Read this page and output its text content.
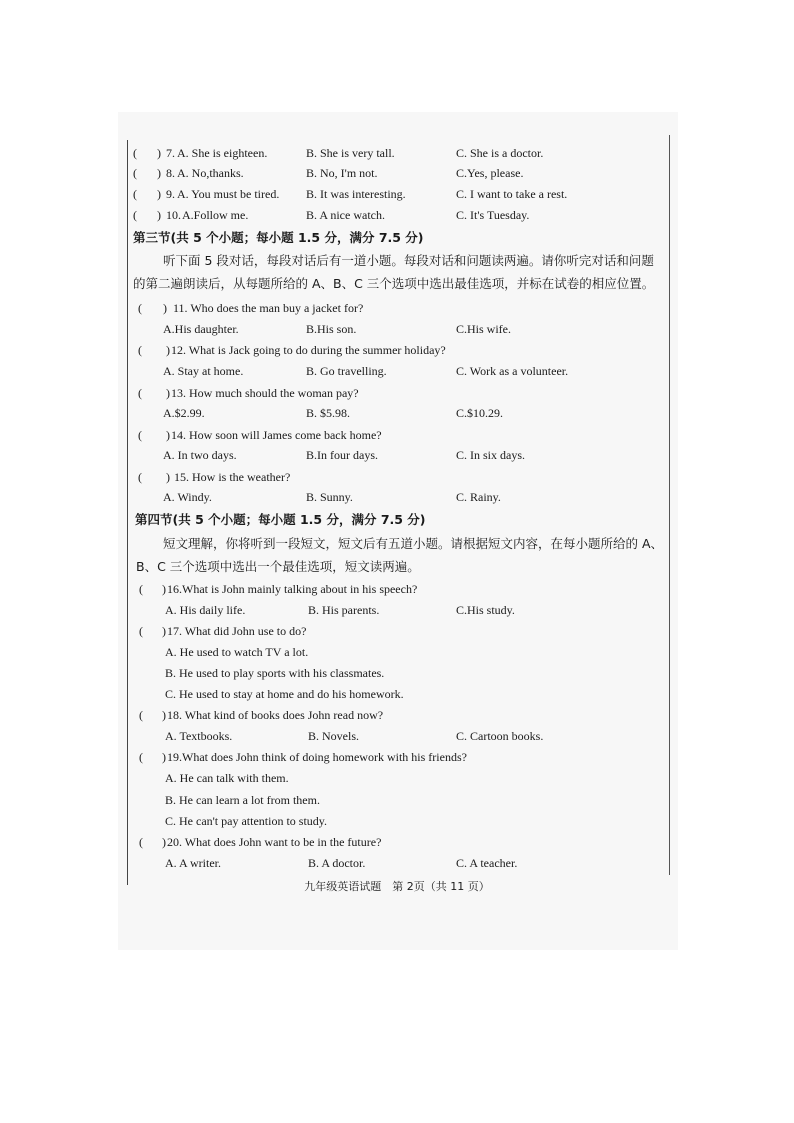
( ) 7. A. She is eighteen.	B. She is very tall.	C. She is a doctor.
( ) 8. A. No,thanks.	B. No, I'm not.	C.Yes, please.
( ) 9. A. You must be tired. B. It was interesting.	C. I want to take a rest.
( ) 10. A.Follow me.	B. A nice watch.	C. It's Tuesday.
第三节(共 5 个小题；每小题 1.5 分，满分 7.5 分)
听下面 5 段对话，每段对话后有一道小题。每段对话和问题读两遍。请你听完对话和问题
的第二遍朗读后，从每题所给的 A、B、C 三个选项中选出最佳选项，并标在试卷的相应位置。
( ) 11. Who does the man buy a jacket for?
A.His daughter.	B.His son.	C.His wife.
( ) 12. What is Jack going to do during the summer holiday?
A. Stay at home.	B. Go travelling.	C. Work as a volunteer.
( ) 13. How much should the woman pay?
A.$2.99.	B. $5.98.	C.$10.29.
( ) 14. How soon will James come back home?
A. In two days.	B.In four days.	C. In six days.
( ) 15. How is the weather?
A. Windy.	B. Sunny.	C. Rainy.
第四节(共 5 个小题；每小题 1.5 分，满分 7.5 分)
短文理解，你将听到一段短文，短文后有五道小题。请根据短文内容，在每小题所给的 A、
B、C 三个选项中选出一个最佳选项，短文读两遍。
( ) 16.What is John mainly talking about in his speech?
A. His daily life.	B. His parents.	C.His study.
( ) 17. What did John use to do?
A. He used to watch TV a lot.
B. He used to play sports with his classmates.
C. He used to stay at home and do his homework.
( ) 18. What kind of books does John read now?
A. Textbooks.	B. Novels.	C. Cartoon books.
( ) 19.What does John think of doing homework with his friends?
A. He can talk with them.
B. He can learn a lot from them.
C. He can't pay attention to study.
( ) 20. What does John want to be in the future?
A. A writer.	B. A doctor.	C. A teacher.
九年级英语试题　第 2页（共 11 页）
